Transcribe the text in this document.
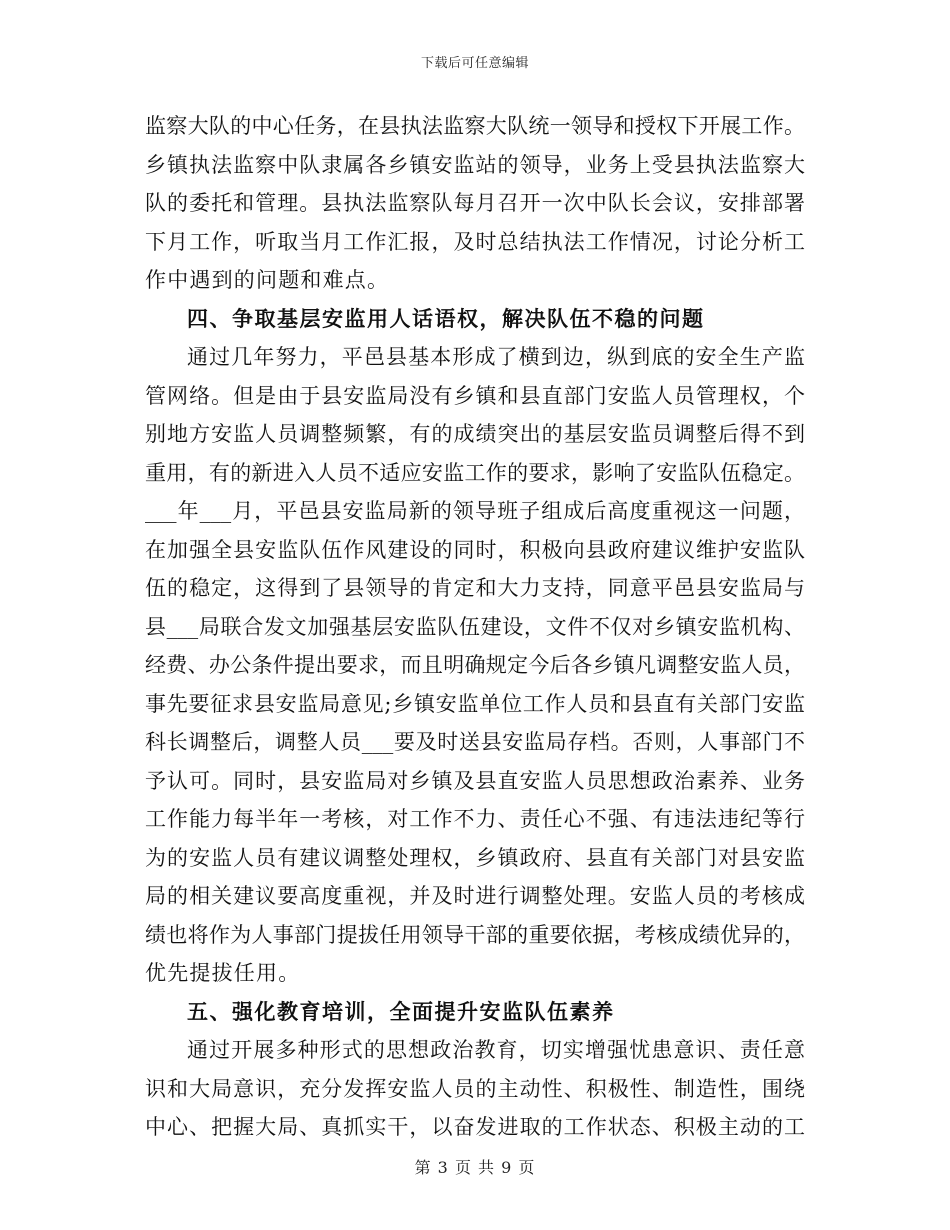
下载后可任意编辑
监察大队的中心任务，在县执法监察大队统一领导和授权下开展工作。
乡镇执法监察中队隶属各乡镇安监站的领导，业务上受县执法监察大
队的委托和管理。县执法监察队每月召开一次中队长会议，安排部署
下月工作，听取当月工作汇报，及时总结执法工作情况，讨论分析工
作中遇到的问题和难点。
四、争取基层安监用人话语权，解决队伍不稳的问题
通过几年努力，平邑县基本形成了横到边，纵到底的安全生产监
管网络。但是由于县安监局没有乡镇和县直部门安监人员管理权，个
别地方安监人员调整频繁，有的成绩突出的基层安监员调整后得不到
重用，有的新进入人员不适应安监工作的要求，影响了安监队伍稳定。
___年___月，平邑县安监局新的领导班子组成后高度重视这一问题，
在加强全县安监队伍作风建设的同时，积极向县政府建议维护安监队
伍的稳定，这得到了县领导的肯定和大力支持，同意平邑县安监局与
县___局联合发文加强基层安监队伍建设，文件不仅对乡镇安监机构、
经费、办公条件提出要求，而且明确规定今后各乡镇凡调整安监人员，
事先要征求县安监局意见;乡镇安监单位工作人员和县直有关部门安监
科长调整后，调整人员___要及时送县安监局存档。否则，人事部门不
予认可。同时，县安监局对乡镇及县直安监人员思想政治素养、业务
工作能力每半年一考核，对工作不力、责任心不强、有违法违纪等行
为的安监人员有建议调整处理权，乡镇政府、县直有关部门对县安监
局的相关建议要高度重视，并及时进行调整处理。安监人员的考核成
绩也将作为人事部门提拔任用领导干部的重要依据，考核成绩优异的，
优先提拔任用。
五、强化教育培训，全面提升安监队伍素养
通过开展多种形式的思想政治教育，切实增强忧患意识、责任意
识和大局意识，充分发挥安监人员的主动性、积极性、制造性，围绕
中心、把握大局、真抓实干，以奋发进取的工作状态、积极主动的工
第 3 页 共 9 页
